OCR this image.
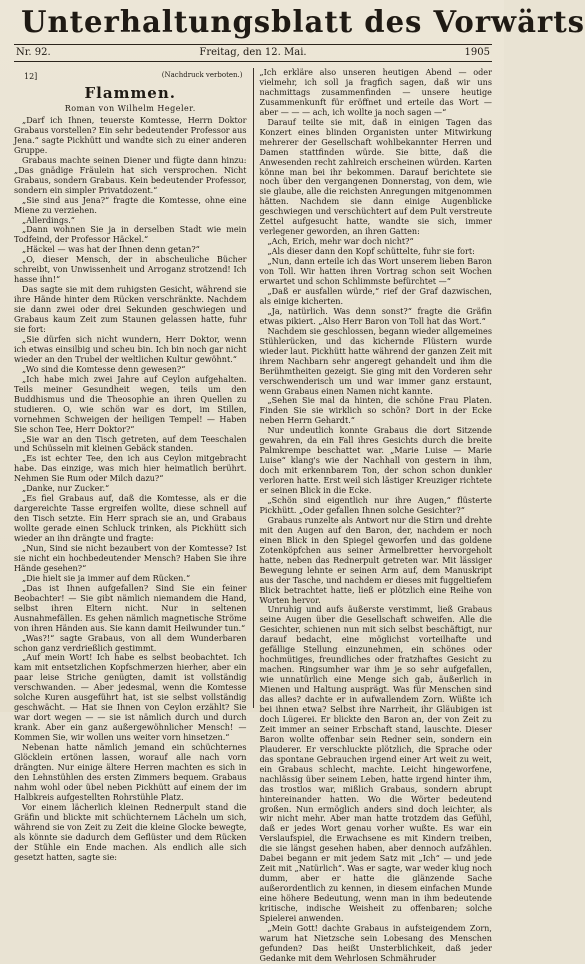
Unterhaltungsblatt des Vorwärts
Nr. 92.	Freitag, den 12. Mai.	1905
12]	(Nachdruck verboten.)
Flammen.
Roman von Wilhelm Hegeler.

„Darf ich Ihnen, teuerste Komtesse, Herrn Doktor Grabaus vorstellen? Ein sehr bedeutender Professor aus Jena.“ sagte Pickhütt und wandte sich zu einer anderen Gruppe.

Grabaus machte seinen Diener und fügte dann hinzu: „Das gnädige Fräulein hat sich versprochen. Nicht Grabaus, sondern Grabaus. Kein bedeutender Professor, sondern ein simpler Privatdozent.“

„Sie sind aus Jena?“ fragte die Komtesse, ohne eine Miene zu verziehen.

„Allerdings.“

„Dann wohnen Sie ja in derselben Stadt wie mein Todfeind, der Professor Häckel.“

„Häckel — was hat der Ihnen denn getan?“

„O, dieser Mensch, der in abscheuliche Bücher schreibt, von Unwissenheit und Arroganz strotzend! Ich hasse ihn!“

Das sagte sie mit dem ruhigsten Gesicht, während sie ihre Hände hinter dem Rücken verschränkte. Nachdem sie dann zwei oder drei Sekunden geschwiegen und Grabaus kaum Zeit zum Staunen gelassen hatte, fuhr sie fort:

„Sie dürfen sich nicht wundern, Herr Doktor, wenn ich etwas einsilbig und scheu bin. Ich bin noch gar nicht wieder an den Trubel der weltlichen Kultur gewöhnt.“

„Wo sind die Komtesse denn gewesen?“

„Ich habe mich zwei Jahre auf Ceylon aufgehalten. Teils meiner Gesundheit wegen, teils um den Buddhismus und die Theosophie an ihren Quellen zu studieren. O, wie schön war es dort, im Stillen, vornehmen Schweigen der heiligen Tempel! — Haben Sie schon Tee, Herr Doktor?“

„Sie war an den Tisch getreten, auf dem Teeschalen und Schüsseln mit kleinen Gebäck standen.

„Es ist echter Tee, den ich aus Ceylon mitgebracht habe. Das einzige, was mich hier heimatlich berührt. Nehmen Sie Rum oder Milch dazu?“

„Danke, nur Zucker.“

„Es fiel Grabaus auf, daß die Komtesse, als er die dargereichte Tasse ergreifen wollte, diese schnell auf den Tisch setzte. Ein Herr sprach sie an, und Grabaus wollte gerade einen Schluck trinken, als Pickhütt sich wieder an ihn drängte und fragte:

„Nun, Sind sie nicht bezaubert von der Komtesse? Ist sie nicht ein hochbedeutender Mensch? Haben Sie ihre Hände gesehen?“

„Die hielt sie ja immer auf dem Rücken.“

„Das ist Ihnen aufgefallen? Sind Sie ein feiner Beobachter! — Sie gibt nämlich niemandem die Hand, selbst ihren Eltern nicht. Nur in seltenen Ausnahmefällen. Es gehen nämlich magnetische Ströme von ihren Händen aus. Sie kann damit Heilwunder tun.“

„Was?!“ sagte Grabaus, von all dem Wunderbaren schon ganz verdrießlich gestimmt.

„Auf mein Wort! Ich habe es selbst beobachtet. Ich kam mit entsetzlichen Kopfschmerzen hierher, aber ein paar leise Striche genügten, damit ist vollständig verschwanden. — Aber jedesmal, wenn die Komtesse solche Kuren ausgeführt hat, ist sie selbst vollständig geschwächt. — Hat sie Ihnen von Ceylon erzählt? Sie war dort wegen — — sie ist nämlich durch und durch krank. Aber ein ganz außergewöhnlicher Mensch! — Kommen Sie, wir wollen uns weiter vorn hinsetzen.“

Nebenan hatte nämlich jemand ein schüchternes Glöcklein ertönen lassen, worauf alle nach vorn drängten. Nur einige ältere Herren machten es sich in den Lehnstühlen des ersten Zimmers bequem. Grabaus nahm wohl oder übel neben Pickhütt auf einem der im Halbkreis aufgestellten Rohrstühle Platz.

Vor einem lächerlich kleinen Rednerpult stand die Gräfin und blickte mit schüchternem Lächeln um sich, während sie von Zeit zu Zeit die kleine Glocke bewegte, als könnte sie dadurch dem Geflüster und dem Rücken der Stühle ein Ende machen. Als endlich alle sich gesetzt hatten, sagte sie:

„Ich erkläre also unseren heutigen Abend — oder vielmehr, ich soll ja fragfich sagen, daß wir uns nachmittags zusammenfinden — unsere heutige Zusammenkunft für eröffnet und erteile das Wort — aber — — — ach, ich wollte ja noch sagen —“

Darauf teilte sie mit, daß in einigen Tagen das Konzert eines blinden Organisten unter Mitwirkung mehrerer der Gesellschaft wohlbekannter Herren und Damen stattfinden würde. Sie bitte, daß die Anwesenden recht zahlreich erscheinen würden. Karten könne man bei ihr bekommen. Darauf berichtete sie noch über den vergangenen Donnerstag, von dem, wie sie glaube, alle die reichsten Anregungen mitgenommen hätten. Nachdem sie dann einige Augenblicke geschwiegen und verschüchtert auf dem Pult verstreute Zettel aufgesucht hatte, wandte sie sich, immer verlegener geworden, an ihren Gatten:

„Ach, Erich, mehr war doch nicht?“

„Als dieser dann den Kopf schüttelte, fuhr sie fort:

„Nun, dann erteile ich das Wort unserem lieben Baron von Toll. Wir hatten ihren Vortrag schon seit Wochen erwartet und schon Schlimmste befürchtet —“

„Daß er ausfallen würde,“ rief der Graf dazwischen, als einige kicherten.

„Ja, natürlich. Was denn sonst?“ fragte die Gräfin etwas pikiert. „Also Herr Baron von Toll hat das Wort.“

Nachdem sie geschlossen, begann wieder allgemeines Stühlerücken, und das kichernde Flüstern wurde wieder laut. Pickhütt hatte während der ganzen Zeit mit ihrem Nachbarn sehr angeregt gehandelt und ihm die Berühmtheiten gezeigt. Sie ging mit den Vorderen sehr verschwenderisch um und war immer ganz erstaunt, wenn Grabaus einen Namen nicht kannte.

„Sehen Sie mal da hinten, die schöne Frau Platen. Finden Sie sie wirklich so schön? Dort in der Ecke neben Herrn Gehardt.“

Nur undeutlich konnte Grabaus die dort Sitzende gewahren, da ein Fall ihres Gesichts durch die breite Palmkrempe beschattet war. „Marie Luise — Marie Luise“ klang's wie der Nachhall von gestern in ihm, doch mit erkennbarem Ton, der schon schon dunkler verloren hatte. Erst weil sich lästiger Kreuziger richtete er seinen Blick in die Ecke.

„Schön sind eigentlich nur ihre Augen,“ flüsterte Pickhütt. „Oder gefallen Ihnen solche Gesichter?“

Grabaus runzelte als Antwort nur die Stirn und drehte mit den Augen auf den Baron, der, nachdem er noch einen Blick in den Spiegel geworfen und das goldene Zotenköpfchen aus seiner Ärmelbretter hervorgeholt hatte, neben das Rednerpult getreten war. Mit lässiger Bewegung lehnte er seinen Arm auf, dem Manuskript aus der Tasche, und nachdem er dieses mit fuggeltiefem Blick betrachtet hatte, ließ er plötzlich eine Reihe von Worten hervor.

Unruhig und aufs äußerste verstimmt, ließ Grabaus seine Augen über die Gesellschaft schweifen. Alle die Gesichter, schienen nun mit sich selbst beschäftigt, nur darauf bedacht, eine möglichst vorteilhafte und gefällige Stellung einzunehmen, ein schönes oder hochmütiges, freundliches oder fratzhaftes Gesicht zu machen. Ringsumher war ihm je so sehr aufgefallen, wie unnatürlich eine Menge sich gab, äußerlich in Mienen und Haltung ausprägt. Was für Menschen sind das alles? dachte er in aufwallendem Zorn. Wüßte ich bei ihnen etwa? Selbst ihre Narrheit, ihr Gläubigen ist doch Lügerei. Er blickte den Baron an, der von Zeit zu Zeit immer an seiner Erbschaft stand, lauschte. Dieser Baron wollte offenbar sein Redner sein, sondern ein Plauderer. Er verschluckte plötzlich, die Sprache oder das spontane Gebrauchen irgend einer Art weit zu weit, ein Grabaus schlecht, machte. Leicht hingeworfene, nachlässig über seinem Leben, hatte irgend hinter ihm, das trostlos war, mißlich Grabaus, sondern abrupt hintereinander hatten. Wo die Wörter bedeutend großen. Nun ermöglich anders sind doch leichter, als wir nicht mehr. Aber man hatte trotzdem das Gefühl, daß er jedes Wort genau vorher wußte. Es war ein Verslaufspiel, die Erwachsene es mit Kindern treiben, die sie längst gesehen haben, aber dennoch aufzählen. Dabei begann er mit jedem Satz mit „Ich“ — und jede Zeit mit „Natürlich“. Was er sagte, war weder klug noch dumm, aber er hatte die glänzende Sache außerordentlich zu kennen, in diesem einfachen Munde eine höhere Bedeutung, wenn man in ihm bedeutende kritische, indische Weisheit zu offenbaren; solche Spielerei anwenden.

„Mein Gott! dachte Grabaus in aufsteigendem Zorn, warum hat Nietzsche sein Lobesang des Menschen gefunden? Das heißt Unsterblichkeit, daß jeder Gedanke mit dem Wehrlosen Schmähruder
